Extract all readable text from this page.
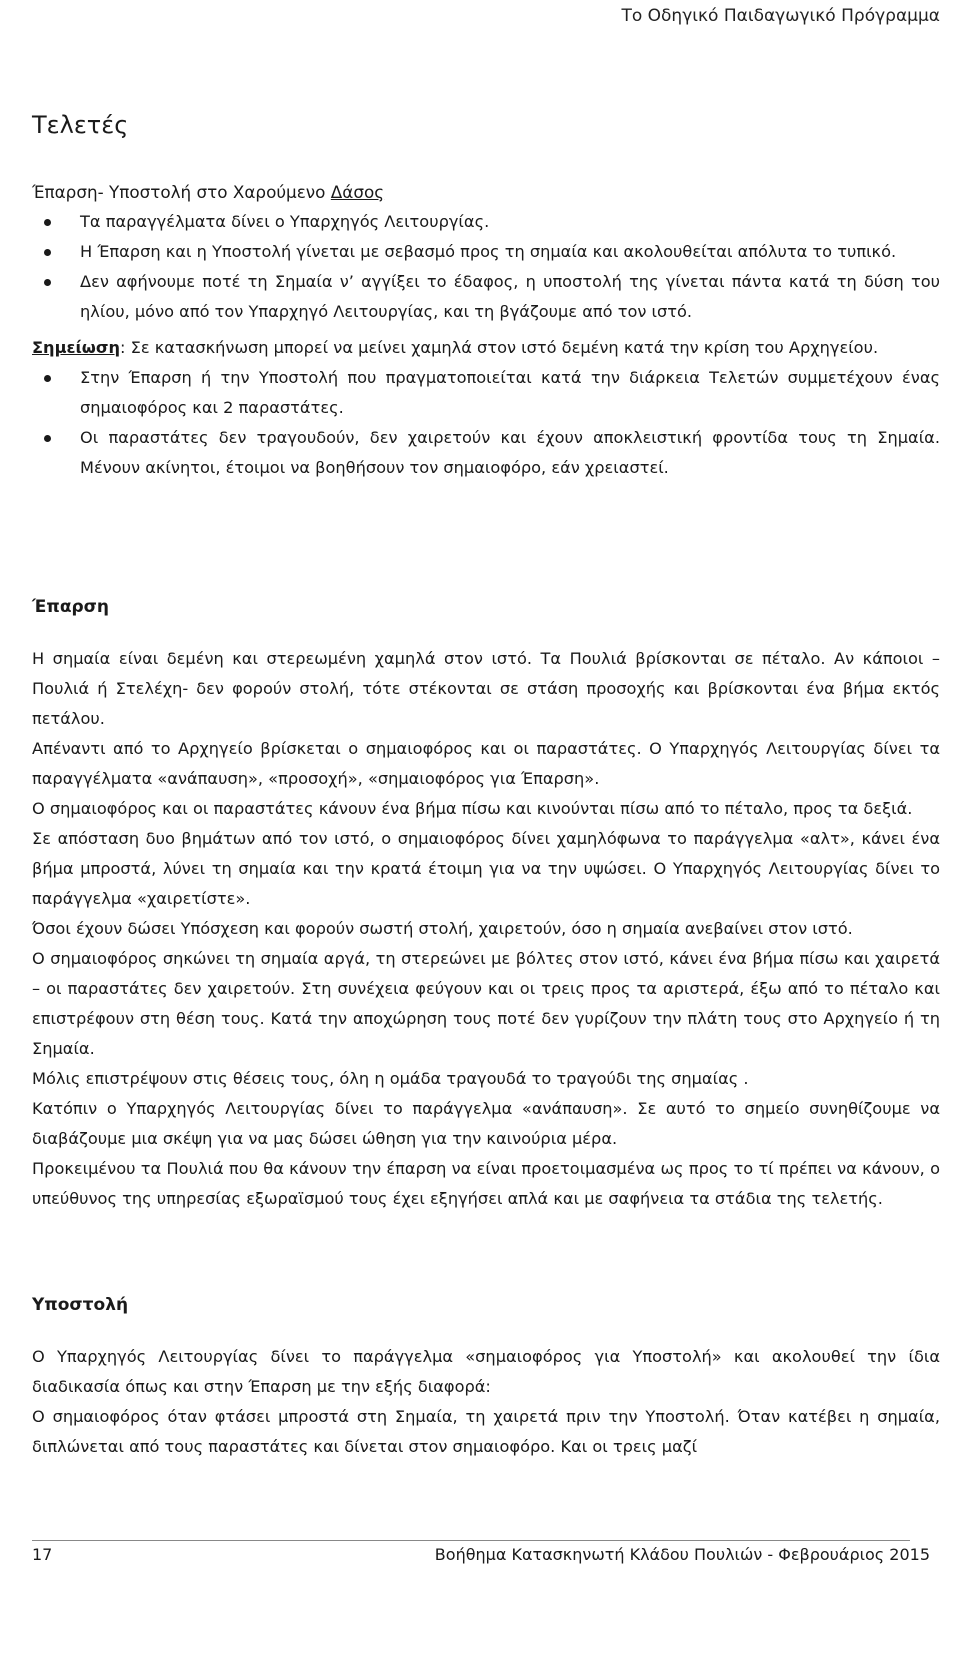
Το Οδηγικό Παιδαγωγικό Πρόγραμμα
Τελετές

Έπαρση- Υποστολή στο Χαρούμενο Δάσος

Τα παραγγέλματα δίνει ο Υπαρχηγός Λειτουργίας.
Η Έπαρση και η Υποστολή γίνεται με σεβασμό προς τη σημαία και ακολουθείται απόλυτα το τυπικό.
Δεν αφήνουμε ποτέ τη Σημαία ν’ αγγίξει το έδαφος, η υποστολή της γίνεται πάντα κατά τη δύση του ηλίου, μόνο από τον Υπαρχηγό Λειτουργίας, και τη βγάζουμε από τον ιστό.

Σημείωση: Σε κατασκήνωση μπορεί να μείνει χαμηλά στον ιστό δεμένη κατά την κρίση του Αρχηγείου.

Στην Έπαρση ή την Υποστολή που πραγματοποιείται κατά την διάρκεια Τελετών συμμετέχουν ένας σημαιοφόρος και 2 παραστάτες.
Οι παραστάτες δεν τραγουδούν, δεν χαιρετούν και έχουν αποκλειστική φροντίδα τους τη Σημαία. Μένουν ακίνητοι, έτοιμοι να βοηθήσουν τον σημαιοφόρο, εάν χρειαστεί.
Έπαρση

Η σημαία είναι δεμένη και στερεωμένη χαμηλά στον ιστό. Τα Πουλιά βρίσκονται σε πέταλο. Αν κάποιοι –Πουλιά ή Στελέχη- δεν φορούν στολή, τότε στέκονται σε στάση προσοχής και βρίσκονται ένα βήμα εκτός πετάλου.

Απέναντι από το Αρχηγείο βρίσκεται ο σημαιοφόρος και οι παραστάτες. Ο Υπαρχηγός Λειτουργίας δίνει τα παραγγέλματα «ανάπαυση», «προσοχή», «σημαιοφόρος για Έπαρση».

Ο σημαιοφόρος και οι παραστάτες κάνουν ένα βήμα πίσω και κινούνται πίσω από το πέταλο, προς τα δεξιά.

Σε απόσταση δυο βημάτων από τον ιστό, ο σημαιοφόρος δίνει χαμηλόφωνα το παράγγελμα «αλτ», κάνει ένα βήμα μπροστά, λύνει τη σημαία και την κρατά έτοιμη για να την υψώσει. Ο Υπαρχηγός Λειτουργίας δίνει το παράγγελμα «χαιρετίστε».

Όσοι έχουν δώσει Υπόσχεση και φορούν σωστή στολή, χαιρετούν, όσο η σημαία ανεβαίνει στον ιστό.

Ο σημαιοφόρος σηκώνει τη σημαία αργά, τη στερεώνει με βόλτες στον ιστό, κάνει ένα βήμα πίσω και χαιρετά – οι παραστάτες δεν χαιρετούν. Στη συνέχεια φεύγουν και οι τρεις προς τα αριστερά, έξω από το πέταλο και επιστρέφουν στη θέση τους. Κατά την αποχώρηση τους ποτέ δεν γυρίζουν την πλάτη τους στο Αρχηγείο ή τη Σημαία.

Μόλις επιστρέψουν στις θέσεις τους, όλη η ομάδα τραγουδά το τραγούδι της σημαίας .

Κατόπιν ο Υπαρχηγός Λειτουργίας δίνει το παράγγελμα «ανάπαυση». Σε αυτό το σημείο συνηθίζουμε να διαβάζουμε μια σκέψη για να μας δώσει ώθηση για την καινούρια μέρα.

Προκειμένου τα Πουλιά που θα κάνουν την έπαρση να είναι προετοιμασμένα ως προς το τί πρέπει να κάνουν, ο υπεύθυνος της υπηρεσίας εξωραϊσμού τους έχει εξηγήσει απλά και με σαφήνεια τα στάδια της τελετής.

Υποστολή

Ο Υπαρχηγός Λειτουργίας δίνει το παράγγελμα «σημαιοφόρος για Υποστολή» και ακολουθεί την ίδια διαδικασία όπως και στην Έπαρση με την εξής διαφορά:

Ο σημαιοφόρος όταν φτάσει μπροστά στη Σημαία, τη χαιρετά πριν την Υποστολή. Όταν κατέβει η σημαία, διπλώνεται από τους παραστάτες και δίνεται στον σημαιοφόρο. Και οι τρεις μαζί

17	Βοήθημα Κατασκηνωτή Κλάδου Πουλιών - Φεβρουάριος 2015
